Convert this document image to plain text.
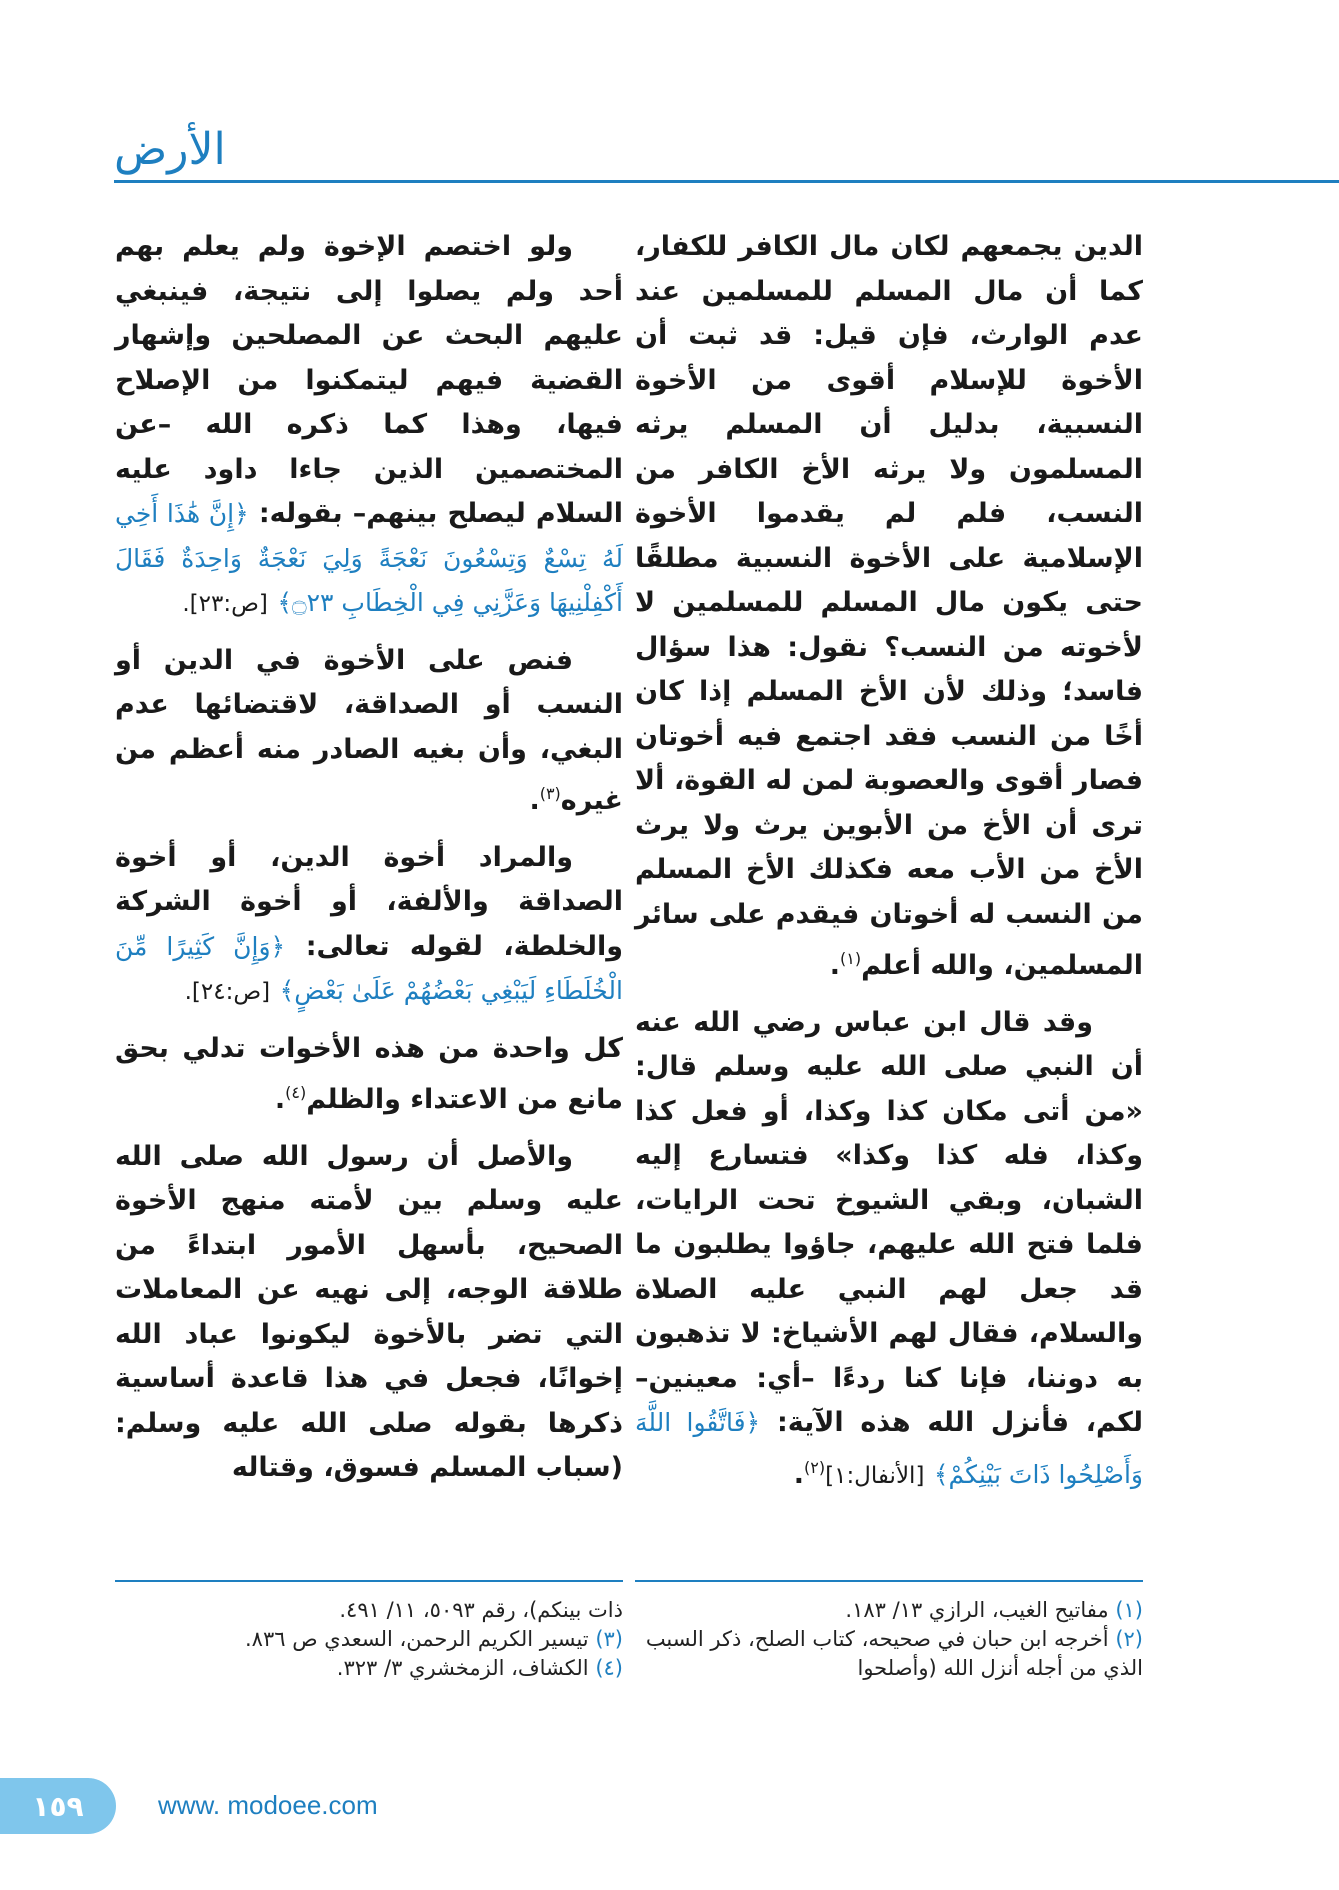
الأرض

الدين يجمعهم لكان مال الكافر للكفار، كما أن مال المسلم للمسلمين عند عدم الوارث، فإن قيل: قد ثبت أن الأخوة للإسلام أقوى من الأخوة النسبية، بدليل أن المسلم يرثه المسلمون ولا يرثه الأخ الكافر من النسب، فلم لم يقدموا الأخوة الإسلامية على الأخوة النسبية مطلقًا حتى يكون مال المسلم للمسلمين لا لأخوته من النسب؟ نقول: هذا سؤال فاسد؛ وذلك لأن الأخ المسلم إذا كان أخًا من النسب فقد اجتمع فيه أخوتان فصار أقوى والعصوبة لمن له القوة، ألا ترى أن الأخ من الأبوين يرث ولا يرث الأخ من الأب معه فكذلك الأخ المسلم من النسب له أخوتان فيقدم على سائر المسلمين، والله أعلم$^{(١)}$.

وقد قال ابن عباس رضي الله عنه أن النبي صلى الله عليه وسلم قال: «من أتى مكان كذا وكذا، أو فعل كذا وكذا، فله كذا وكذا» فتسارع إليه الشبان، وبقي الشيوخ تحت الرايات، فلما فتح الله عليهم، جاؤوا يطلبون ما قد جعل لهم النبي عليه الصلاة والسلام، فقال لهم الأشياخ: لا تذهبون به دوننا، فإنا كنا ردءًا –أي: معينين– لكم، فأنزل الله هذه الآية: ﴿فَاتَّقُوا اللَّهَ وَأَصْلِحُوا ذَاتَ بَيْنِكُمْ﴾ [الأنفال:١]$^{(٢)}$.

ولو اختصم الإخوة ولم يعلم بهم أحد ولم يصلوا إلى نتيجة، فينبغي عليهم البحث عن المصلحين وإشهار القضية فيهم ليتمكنوا من الإصلاح فيها، وهذا كما ذكره الله –عن المختصمين الذين جاءا داود عليه السلام ليصلح بينهم– بقوله: ﴿إِنَّ هَٰذَا أَخِي لَهُ تِسْعٌ وَتِسْعُونَ نَعْجَةً وَلِيَ نَعْجَةٌ وَاحِدَةٌ فَقَالَ أَكْفِلْنِيهَا وَعَزَّنِي فِي الْخِطَابِ ۝٢٣﴾ [ص:٢٣].

فنص على الأخوة في الدين أو النسب أو الصداقة، لاقتضائها عدم البغي، وأن بغيه الصادر منه أعظم من غيره$^{(٣)}$.

والمراد أخوة الدين، أو أخوة الصداقة والألفة، أو أخوة الشركة والخلطة، لقوله تعالى: ﴿وَإِنَّ كَثِيرًا مِّنَ الْخُلَطَاءِ لَيَبْغِي بَعْضُهُمْ عَلَىٰ بَعْضٍ﴾ [ص:٢٤].

كل واحدة من هذه الأخوات تدلي بحق مانع من الاعتداء والظلم$^{(٤)}$.

والأصل أن رسول الله صلى الله عليه وسلم بين لأمته منهج الأخوة الصحيح، بأسهل الأمور ابتداءً من طلاقة الوجه، إلى نهيه عن المعاملات التي تضر بالأخوة ليكونوا عباد الله إخوانًا، فجعل في هذا قاعدة أساسية ذكرها بقوله صلى الله عليه وسلم: (سباب المسلم فسوق، وقتاله

(١) مفاتيح الغيب، الرازي ١٣/ ١٨٣.

(٢) أخرجه ابن حبان في صحيحه، كتاب الصلح، ذكر السبب الذي من أجله أنزل الله (وأصلحوا

ذات بينكم)، رقم ٥٠٩٣، ١١/ ٤٩١.

(٣) تيسير الكريم الرحمن، السعدي ص ٨٣٦.

(٤) الكشاف، الزمخشري ٣/ ٣٢٣.

١٥٩	www. modoee.com
